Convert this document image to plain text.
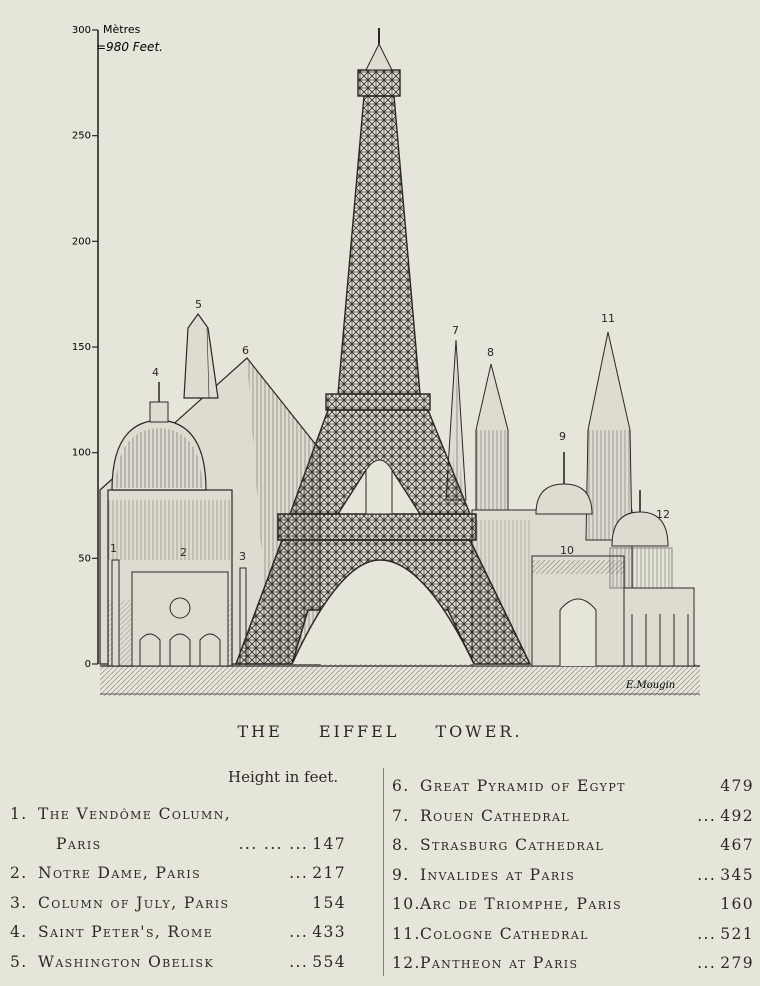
300
250
200
150
100
50
0
Mètres
=980 Feet.
1	2	3
4
5
6
7
8
9
10
11
12
E.Mougin
THE EIFFEL TOWER.
Height in feet.
1. The Vendôme Column,
Paris	... ... ... 147
2. Notre Dame, Paris	... 217
3. Column of July, Paris	154
4. Saint Peter's, Rome	... 433
5. Washington Obelisk	... 554
6. Great Pyramid of Egypt	479
7. Rouen Cathedral	... 492
8. Strasburg Cathedral	467
9. Invalides at Paris	... 345
10.Arc de Triomphe, Paris	160
11.Cologne Cathedral	... 521
12.Pantheon at Paris	... 279
